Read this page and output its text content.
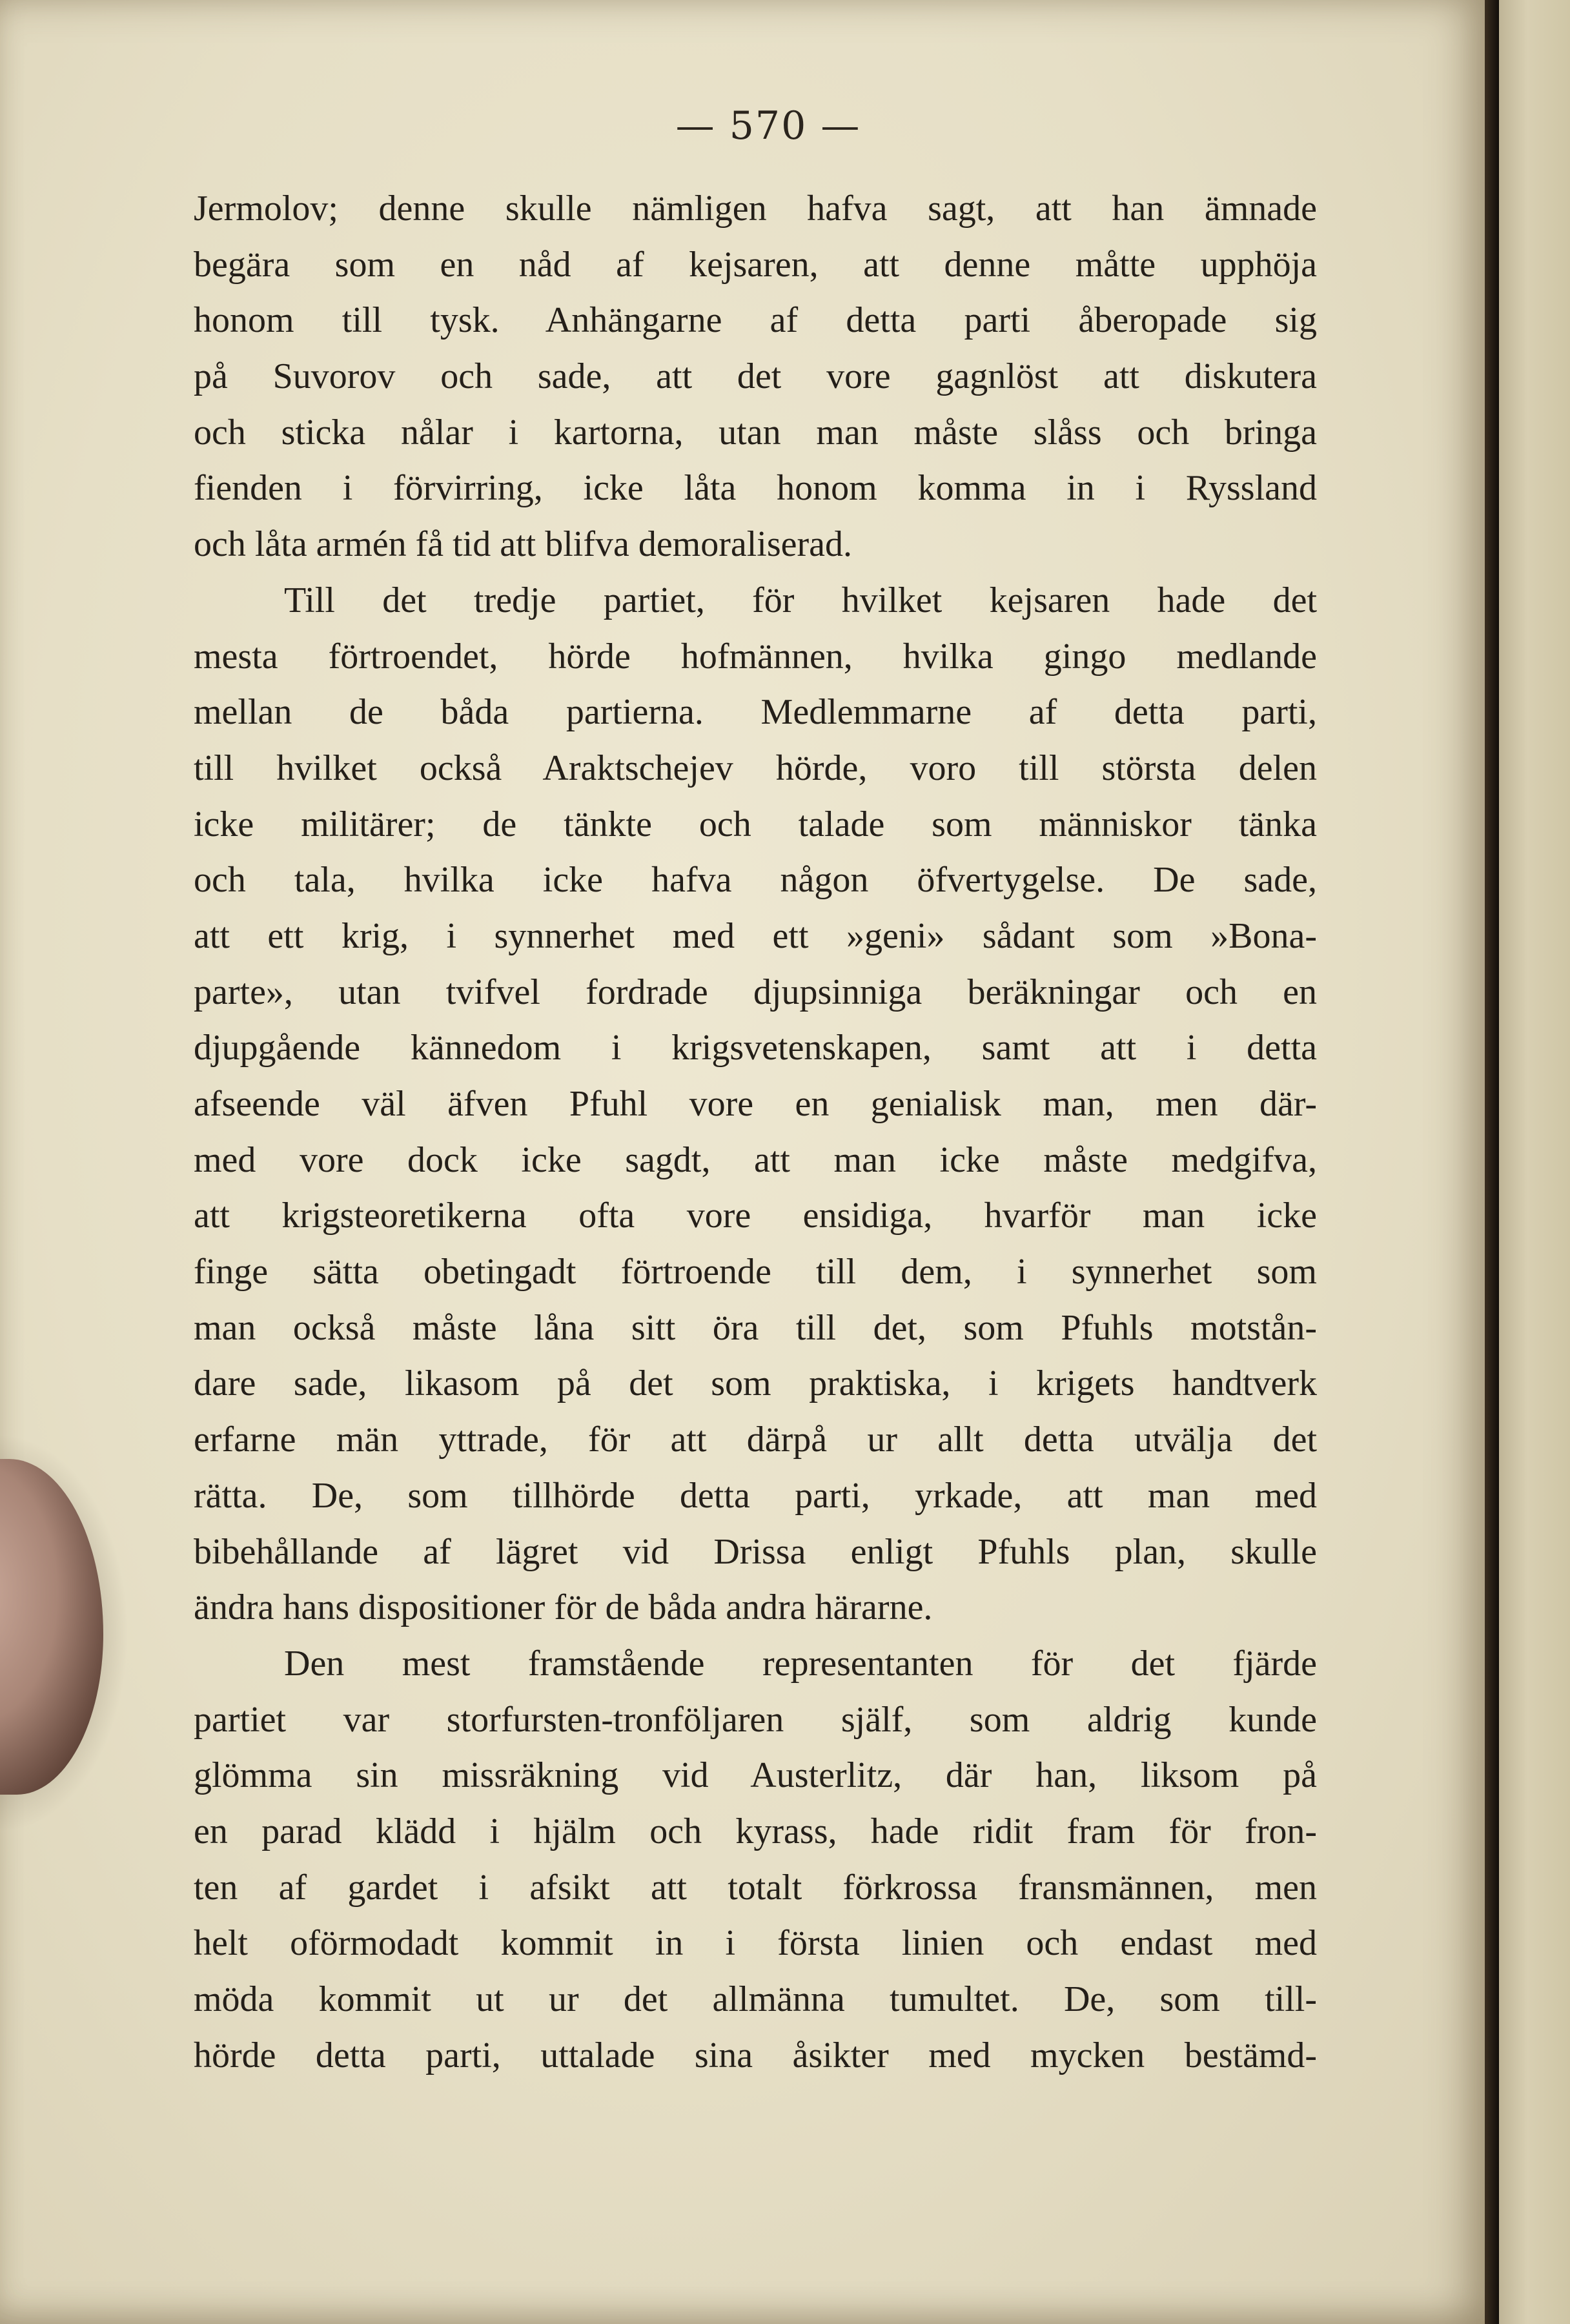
— 570 —
Jermolov; denne skulle nämligen hafva sagt, att han ämnade
begära som en nåd af kejsaren, att denne måtte upphöja
honom till tysk. Anhängarne af detta parti åberopade sig
på Suvorov och sade, att det vore gagnlöst att diskutera
och sticka nålar i kartorna, utan man måste slåss och bringa
fienden i förvirring, icke låta honom komma in i Ryssland
och låta armén få tid att blifva demoraliserad.
Till det tredje partiet, för hvilket kejsaren hade det
mesta förtroendet, hörde hofmännen, hvilka gingo medlande
mellan de båda partierna. Medlemmarne af detta parti,
till hvilket också Araktschejev hörde, voro till största delen
icke militärer; de tänkte och talade som människor tänka
och tala, hvilka icke hafva någon öfvertygelse. De sade,
att ett krig, i synnerhet med ett »geni» sådant som »Bona-
parte», utan tvifvel fordrade djupsinniga beräkningar och en
djupgående kännedom i krigsvetenskapen, samt att i detta
afseende väl äfven Pfuhl vore en genialisk man, men där-
med vore dock icke sagdt, att man icke måste medgifva,
att krigsteoretikerna ofta vore ensidiga, hvarför man icke
finge sätta obetingadt förtroende till dem, i synnerhet som
man också måste låna sitt öra till det, som Pfuhls motstån-
dare sade, likasom på det som praktiska, i krigets handtverk
erfarne män yttrade, för att därpå ur allt detta utvälja det
rätta. De, som tillhörde detta parti, yrkade, att man med
bibehållande af lägret vid Drissa enligt Pfuhls plan, skulle
ändra hans dispositioner för de båda andra härarne.
Den mest framstående representanten för det fjärde
partiet var storfursten-tronföljaren själf, som aldrig kunde
glömma sin missräkning vid Austerlitz, där han, liksom på
en parad klädd i hjälm och kyrass, hade ridit fram för fron-
ten af gardet i afsikt att totalt förkrossa fransmännen, men
helt oförmodadt kommit in i första linien och endast med
möda kommit ut ur det allmänna tumultet. De, som till-
hörde detta parti, uttalade sina åsikter med mycken bestämd-
